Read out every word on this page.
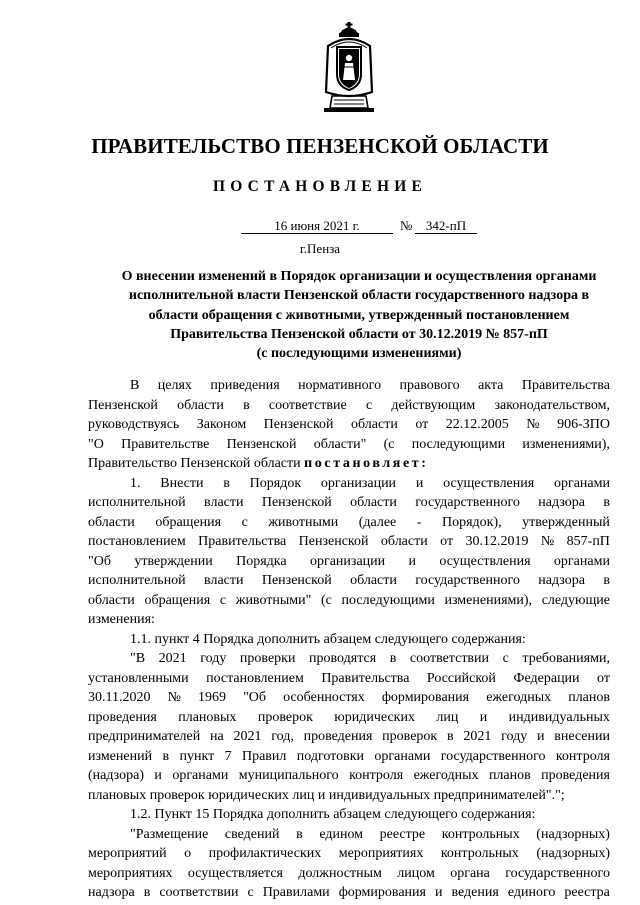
ПРАВИТЕЛЬСТВО ПЕНЗЕНСКОЙ ОБЛАСТИ
ПОСТАНОВЛЕНИЕ
16 июня 2021 г.	№	342-пП
г.Пенза
О внесении изменений в Порядок организации и осуществления органами
исполнительной власти Пензенской области государственного надзора в
области обращения с животными, утвержденный постановлением
Правительства Пензенской области от 30.12.2019 № 857-пП
(с последующими изменениями)
В целях приведения нормативного правового акта Правительства
Пензенской области в соответствие с действующим законодательством,
руководствуясь Законом Пензенской области от 22.12.2005 № 906-ЗПО
"О Правительстве Пензенской области" (с последующими изменениями),
Правительство Пензенской области постановляет:
1. Внести в Порядок организации и осуществления органами
исполнительной власти Пензенской области государственного надзора в
области обращения с животными (далее - Порядок), утвержденный
постановлением Правительства Пензенской области от 30.12.2019 № 857-пП
"Об утверждении Порядка организации и осуществления органами
исполнительной власти Пензенской области государственного надзора в
области обращения с животными" (с последующими изменениями), следующие
изменения:
1.1. пункт 4 Порядка дополнить абзацем следующего содержания:
"В 2021 году проверки проводятся в соответствии с требованиями,
установленными постановлением Правительства Российской Федерации от
30.11.2020 № 1969 "Об особенностях формирования ежегодных планов
проведения плановых проверок юридических лиц и индивидуальных
предпринимателей на 2021 год, проведения проверок в 2021 году и внесении
изменений в пункт 7 Правил подготовки органами государственного контроля
(надзора) и органами муниципального контроля ежегодных планов проведения
плановых проверок юридических лиц и индивидуальных предпринимателей".";
1.2. Пункт 15 Порядка дополнить абзацем следующего содержания:
"Размещение сведений в едином реестре контрольных (надзорных)
мероприятий о профилактических мероприятиях контрольных (надзорных)
мероприятиях осуществляется должностным лицом органа государственного
надзора в соответствии с Правилами формирования и ведения единого реестра
